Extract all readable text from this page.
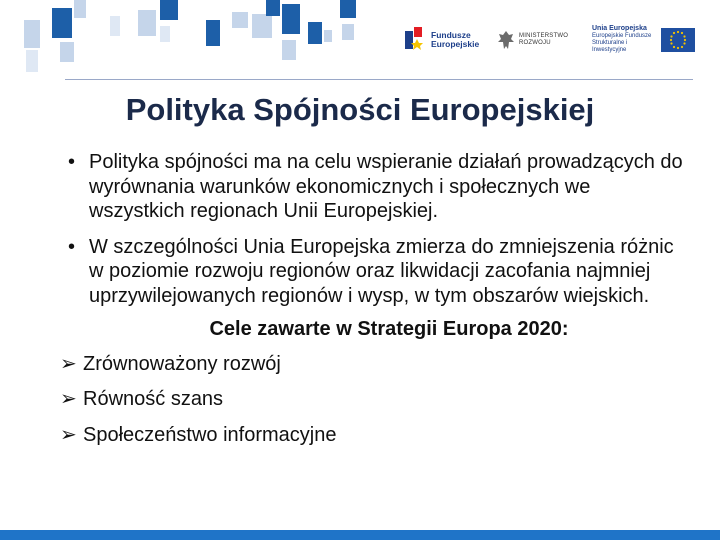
Fundusze
Europejskie
MINISTERSTWO
ROZWOJU
Unia Europejska
Europejskie Fundusze
Strukturalne i Inwestycyjne
Polityka Spójności Europejskiej
• Polityka spójności ma na celu wspieranie działań prowadzących do wyrównania warunków ekonomicznych i społecznych we wszystkich regionach Unii Europejskiej.
• W szczególności Unia Europejska zmierza do zmniejszenia różnic w poziomie rozwoju regionów oraz likwidacji zacofania najmniej uprzywilejowanych regionów i wysp, w tym obszarów wiejskich.
Cele zawarte w Strategii Europa 2020:
➢ Zrównoważony rozwój
➢ Równość szans
➢ Społeczeństwo informacyjne
